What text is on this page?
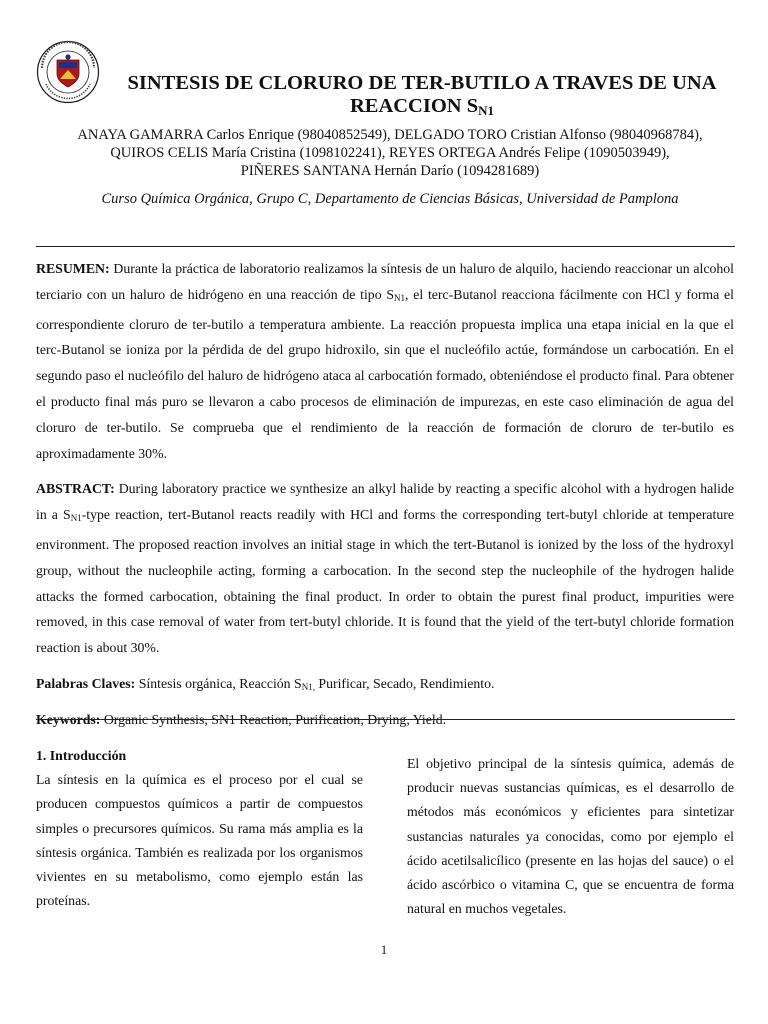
SINTESIS DE CLORURO DE TER-BUTILO A TRAVES DE UNA REACCION $S_{N1}$
ANAYA GAMARRA Carlos Enrique (98040852549), DELGADO TORO Cristian Alfonso (98040968784),
QUIROS CELIS María Cristina (1098102241), REYES ORTEGA Andrés Felipe (1090503949),
PIÑERES SANTANA Hernán Darío (1094281689)
Curso Química Orgánica, Grupo C, Departamento de Ciencias Básicas, Universidad de Pamplona

RESUMEN: Durante la práctica de laboratorio realizamos la síntesis de un haluro de alquilo, haciendo reaccionar un alcohol terciario con un haluro de hidrógeno en una reacción de tipo SN1, el terc-Butanol reacciona fácilmente con HCl y forma el correspondiente cloruro de ter-butilo a temperatura ambiente. La reacción propuesta implica una etapa inicial en la que el terc-Butanol se ioniza por la pérdida de del grupo hidroxilo, sin que el nucleófilo actúe, formándose un carbocatión. En el segundo paso el nucleófilo del haluro de hidrógeno ataca al carbocatión formado, obteniéndose el producto final. Para obtener el producto final más puro se llevaron a cabo procesos de eliminación de impurezas, en este caso eliminación de agua del cloruro de ter-butilo. Se comprueba que el rendimiento de la reacción de formación de cloruro de ter-butilo es aproximadamente 30%.

ABSTRACT: During laboratory practice we synthesize an alkyl halide by reacting a specific alcohol with a hydrogen halide in a SN1-type reaction, tert-Butanol reacts readily with HCl and forms the corresponding tert-butyl chloride at temperature environment. The proposed reaction involves an initial stage in which the tert-Butanol is ionized by the loss of the hydroxyl group, without the nucleophile acting, forming a carbocation. In the second step the nucleophile of the hydrogen halide attacks the formed carbocation, obtaining the final product. In order to obtain the purest final product, impurities were removed, in this case removal of water from tert-butyl chloride. It is found that the yield of the tert-butyl chloride formation reaction is about 30%.

Palabras Claves: Síntesis orgánica, Reacción SN1, Purificar, Secado, Rendimiento.

Keywords: Organic Synthesis, SN1 Reaction, Purification, Drying, Yield.

1. Introducción

La síntesis en la química es el proceso por el cual se producen compuestos químicos a partir de compuestos simples o precursores químicos. Su rama más amplia es la síntesis orgánica. También es realizada por los organismos vivientes en su metabolismo, como ejemplo están las proteínas.

El objetivo principal de la síntesis química, además de producir nuevas sustancias químicas, es el desarrollo de métodos más económicos y eficientes para sintetizar sustancias naturales ya conocidas, como por ejemplo el ácido acetilsalicílico (presente en las hojas del sauce) o el ácido ascórbico o vitamina C, que se encuentra de forma natural en muchos vegetales.

1
